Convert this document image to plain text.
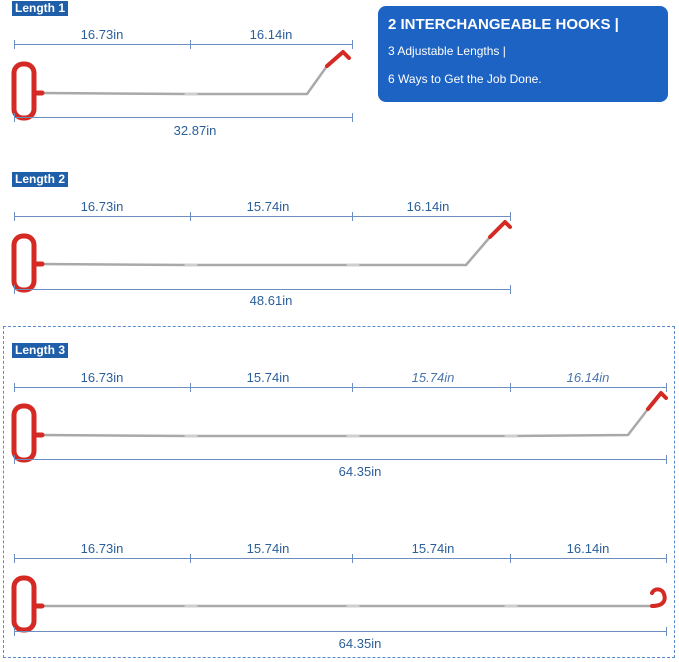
2 INTERCHANGEABLE HOOKS |
3 Adjustable Lengths |
6 Ways to Get the Job Done.
Length 1
16.73in	16.14in
32.87in
Length 2
16.73in	15.74in	16.14in
48.61in
Length 3
16.73in	15.74in	15.74in	16.14in
64.35in
16.73in	15.74in	15.74in	16.14in
64.35in
